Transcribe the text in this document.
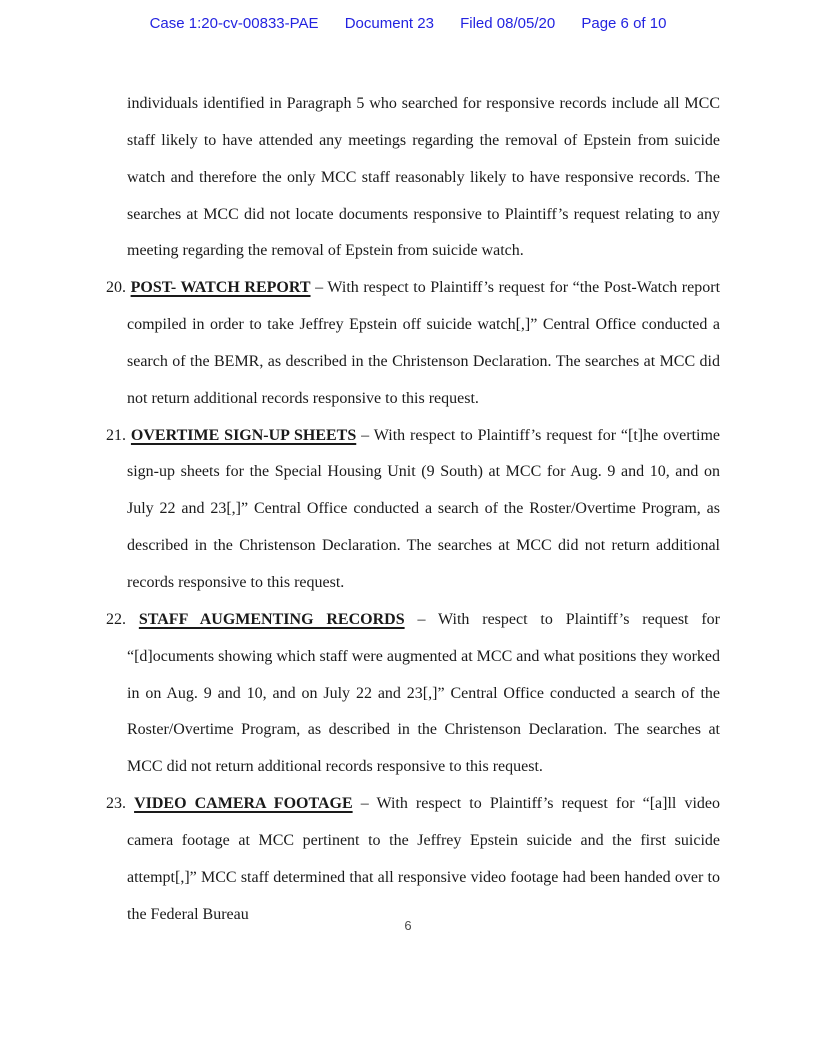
Case 1:20-cv-00833-PAE Document 23 Filed 08/05/20 Page 6 of 10

individuals identified in Paragraph 5 who searched for responsive records include all MCC staff likely to have attended any meetings regarding the removal of Epstein from suicide watch and therefore the only MCC staff reasonably likely to have responsive records. The searches at MCC did not locate documents responsive to Plaintiff’s request relating to any meeting regarding the removal of Epstein from suicide watch.

20. POST- WATCH REPORT – With respect to Plaintiff’s request for “the Post-Watch report compiled in order to take Jeffrey Epstein off suicide watch[,]” Central Office conducted a search of the BEMR, as described in the Christenson Declaration. The searches at MCC did not return additional records responsive to this request.

21. OVERTIME SIGN-UP SHEETS – With respect to Plaintiff’s request for “[t]he overtime sign-up sheets for the Special Housing Unit (9 South) at MCC for Aug. 9 and 10, and on July 22 and 23[,]” Central Office conducted a search of the Roster/Overtime Program, as described in the Christenson Declaration. The searches at MCC did not return additional records responsive to this request.

22. STAFF AUGMENTING RECORDS – With respect to Plaintiff’s request for “[d]ocuments showing which staff were augmented at MCC and what positions they worked in on Aug. 9 and 10, and on July 22 and 23[,]” Central Office conducted a search of the Roster/Overtime Program, as described in the Christenson Declaration. The searches at MCC did not return additional records responsive to this request.

23. VIDEO CAMERA FOOTAGE – With respect to Plaintiff’s request for “[a]ll video camera footage at MCC pertinent to the Jeffrey Epstein suicide and the first suicide attempt[,]” MCC staff determined that all responsive video footage had been handed over to the Federal Bureau

6
